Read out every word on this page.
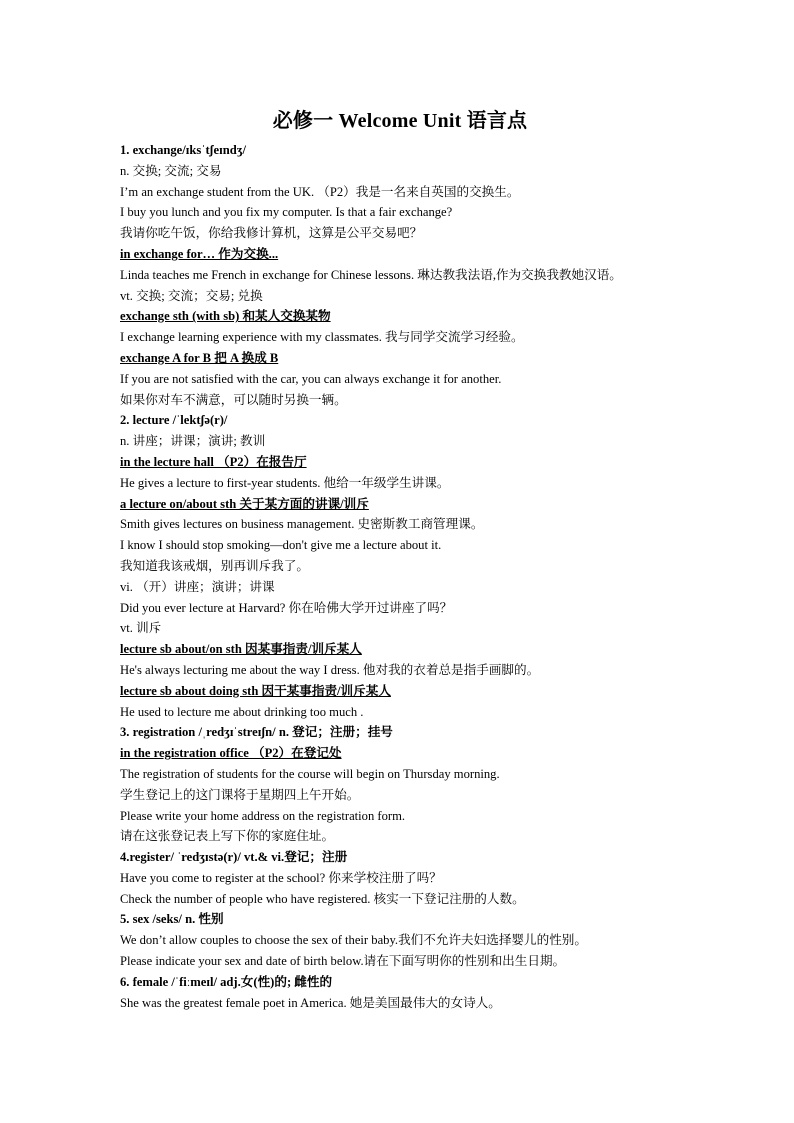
必修一 Welcome Unit 语言点
1. exchange/ɪksˈtʃeɪndʒ/
n. 交换; 交流; 交易
I’m an exchange student from the UK. （P2）我是一名来自英国的交换生。
I buy you lunch and you fix my computer. Is that a fair exchange?
我请你吃午饭，你给我修计算机，这算是公平交易吧？
in exchange for… 作为交换...
Linda teaches me French in exchange for Chinese lessons. 琳达教我法语,作为交换我教她汉语。
vt. 交换; 交流；交易; 兑换
exchange sth (with sb) 和某人交换某物
I exchange learning experience with my classmates. 我与同学交流学习经验。
exchange A for B 把 A 换成 B
If you are not satisfied with the car, you can always exchange it for another.
如果你对车不满意，可以随时另换一辆。
2. lecture /ˈlektʃə(r)/
n. 讲座；讲课；演讲; 教训
in the lecture hall （P2）在报告厅
He gives a lecture to first-year students. 他给一年级学生讲课。
a lecture on/about sth 关于某方面的讲课/训斥
Smith gives lectures on business management. 史密斯教工商管理课。
I know I should stop smoking—don't give me a lecture about it.
我知道我该戒烟，别再训斥我了。
vi. （开）讲座；演讲；讲课
Did you ever lecture at Harvard? 你在哈佛大学开过讲座了吗？
vt. 训斥
lecture sb about/on sth 因某事指责/训斥某人
He's always lecturing me about the way I dress. 他对我的衣着总是指手画脚的。
lecture sb about doing sth 因干某事指责/训斥某人
He used to lecture me about drinking too much .
3. registration /ˌredʒɪˈstreɪʃn/ n. 登记；注册；挂号
in the registration office （P2）在登记处
The registration of students for the course will begin on Thursday morning.
学生登记上的这门课将于星期四上午开始。
Please write your home address on the registration form.
请在这张登记表上写下你的家庭住址。
4.register/ ˈredʒɪstə(r)/ vt.& vi.登记；注册
Have you come to register at the school? 你来学校注册了吗？
Check the number of people who have registered. 核实一下登记注册的人数。
5. sex /seks/ n. 性别
We don’t allow couples to choose the sex of their baby.我们不允许夫妇选择婴儿的性别。
Please indicate your sex and date of birth below.请在下面写明你的性别和出生日期。
6. female /ˈfiːmeɪl/ adj.女(性)的; 雌性的
She was the greatest female poet in America. 她是美国最伟大的女诗人。
